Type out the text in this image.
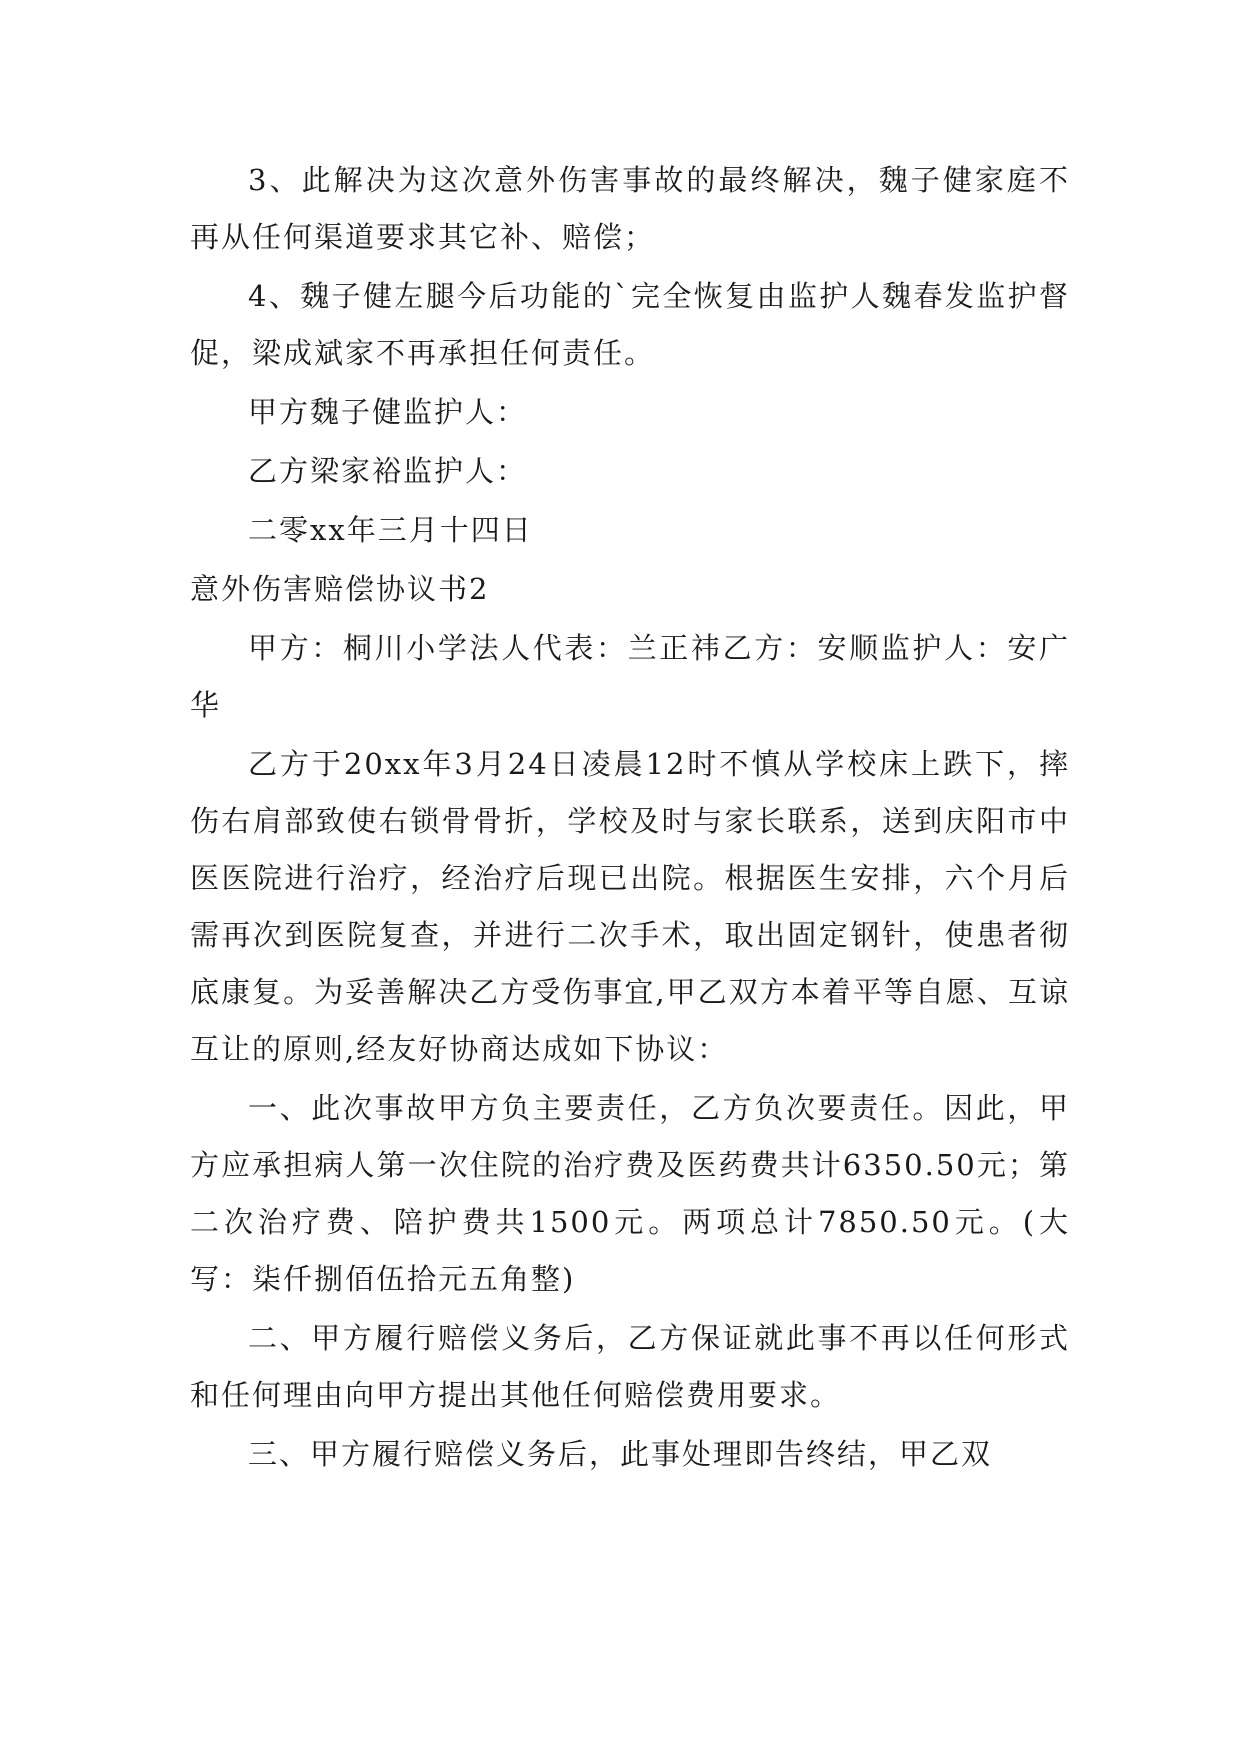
3、此解决为这次意外伤害事故的最终解决，魏子健家庭不再从任何渠道要求其它补、赔偿；

4、魏子健左腿今后功能的`完全恢复由监护人魏春发监护督促，梁成斌家不再承担任何责任。

甲方魏子健监护人：

乙方梁家裕监护人：

二零xx年三月十四日

意外伤害赔偿协议书2

甲方：桐川小学法人代表：兰正祎乙方：安顺监护人：安广华

乙方于20xx年3月24日凌晨12时不慎从学校床上跌下，摔伤右肩部致使右锁骨骨折，学校及时与家长联系，送到庆阳市中医医院进行治疗，经治疗后现已出院。根据医生安排，六个月后需再次到医院复查，并进行二次手术，取出固定钢针，使患者彻底康复。为妥善解决乙方受伤事宜,甲乙双方本着平等自愿、互谅互让的原则,经友好协商达成如下协议：

一、此次事故甲方负主要责任，乙方负次要责任。因此，甲方应承担病人第一次住院的治疗费及医药费共计6350.50元；第二次治疗费、陪护费共1500元。两项总计7850.50元。(大写：柒仟捌佰伍拾元五角整)

二、甲方履行赔偿义务后，乙方保证就此事不再以任何形式和任何理由向甲方提出其他任何赔偿费用要求。

三、甲方履行赔偿义务后，此事处理即告终结，甲乙双
